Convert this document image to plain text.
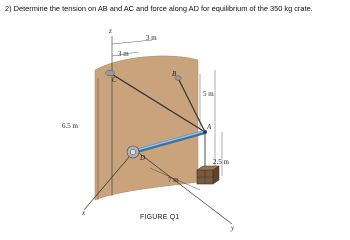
2) Determine the tension on AB and AC and force along AD for equilibrium of the 350 kg crate.
C
B
A
D
z
x
y
3 m
3 m
5 m
6.5 m
7 m
2.5 m
FIGURE Q1
